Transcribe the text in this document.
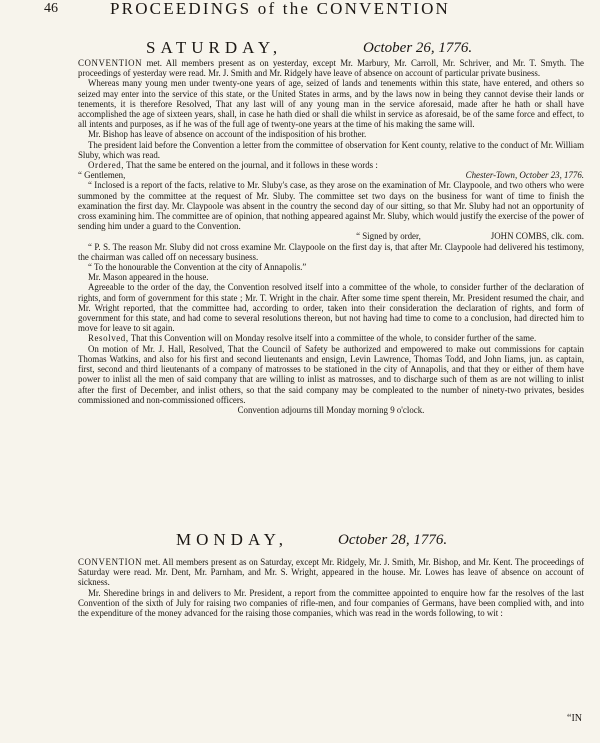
46	PROCEEDINGS of the CONVENTION
SATURDAY,	October 26, 1776.

CONVENTION met. All members present as on yesterday, except Mr. Marbury, Mr. Carroll, Mr. Schriver, and Mr. T. Smyth. The proceedings of yesterday were read. Mr. J. Smith and Mr. Ridgely have leave of absence on account of particular private business.

Whereas many young men under twenty-one years of age, seized of lands and tenements within this state, have entered, and others so seized may enter into the service of this state, or the United States in arms, and by the laws now in being they cannot devise their lands or tenements, it is therefore Resolved, That any last will of any young man in the service aforesaid, made after he hath or shall have accomplished the age of sixteen years, shall, in case he hath died or shall die whilst in service as aforesaid, be of the same force and effect, to all intents and purposes, as if he was of the full age of twenty-one years at the time of his making the same will.

Mr. Bishop has leave of absence on account of the indisposition of his brother.

The president laid before the Convention a letter from the committee of observation for Kent county, relative to the conduct of Mr. William Sluby, which was read.

Ordered, That the same be entered on the journal, and it follows in these words :

“ Gentlemen,	Chester-Town, October 23, 1776.

“ Inclosed is a report of the facts, relative to Mr. Sluby's case, as they arose on the examination of Mr. Claypoole, and two others who were summoned by the committee at the request of Mr. Sluby. The committee set two days on the business for want of time to finish the examination the first day. Mr. Claypoole was absent in the country the second day of our sitting, so that Mr. Sluby had not an opportunity of cross examining him. The committee are of opinion, that nothing appeared against Mr. Sluby, which would justify the exercise of the power of sending him under a guard to the Convention.

“ Signed by order,	JOHN COMBS, clk. com.

“ P. S. The reason Mr. Sluby did not cross examine Mr. Claypoole on the first day is, that after Mr. Claypoole had delivered his testimony, the chairman was called off on necessary business.

“ To the honourable the Convention at the city of Annapolis.”

Mr. Mason appeared in the house.

Agreeable to the order of the day, the Convention resolved itself into a committee of the whole, to consider further of the declaration of rights, and form of government for this state ; Mr. T. Wright in the chair. After some time spent therein, Mr. President resumed the chair, and Mr. Wright reported, that the committee had, according to order, taken into their consideration the declaration of rights, and form of government for this state, and had come to several resolutions thereon, but not having had time to come to a conclusion, had directed him to move for leave to sit again.

Resolved, That this Convention will on Monday resolve itself into a committee of the whole, to consider further of the same.

On motion of Mr. J. Hall, Resolved, That the Council of Safety be authorized and empowered to make out commissions for captain Thomas Watkins, and also for his first and second lieutenants and ensign, Levin Lawrence, Thomas Todd, and John Iiams, jun. as captain, first, second and third lieutenants of a company of matrosses to be stationed in the city of Annapolis, and that they or either of them have power to inlist all the men of said company that are willing to inlist as matrosses, and to discharge such of them as are not willing to inlist after the first of December, and inlist others, so that the said company may be compleated to the number of ninety-two privates, besides commissioned and non-commissioned officers.

Convention adjourns till Monday morning 9 o'clock.

MONDAY,	October 28, 1776.

CONVENTION met. All members present as on Saturday, except Mr. Ridgely, Mr. J. Smith, Mr. Bishop, and Mr. Kent. The proceedings of Saturday were read. Mr. Dent, Mr. Parnham, and Mr. S. Wright, appeared in the house. Mr. Lowes has leave of absence on account of sickness.

Mr. Sheredine brings in and delivers to Mr. President, a report from the committee appointed to enquire how far the resolves of the last Convention of the sixth of July for raising two companies of rifle-men, and four companies of Germans, have been complied with, and into the expenditure of the money advanced for the raising those companies, which was read in the words following, to wit :

“IN
